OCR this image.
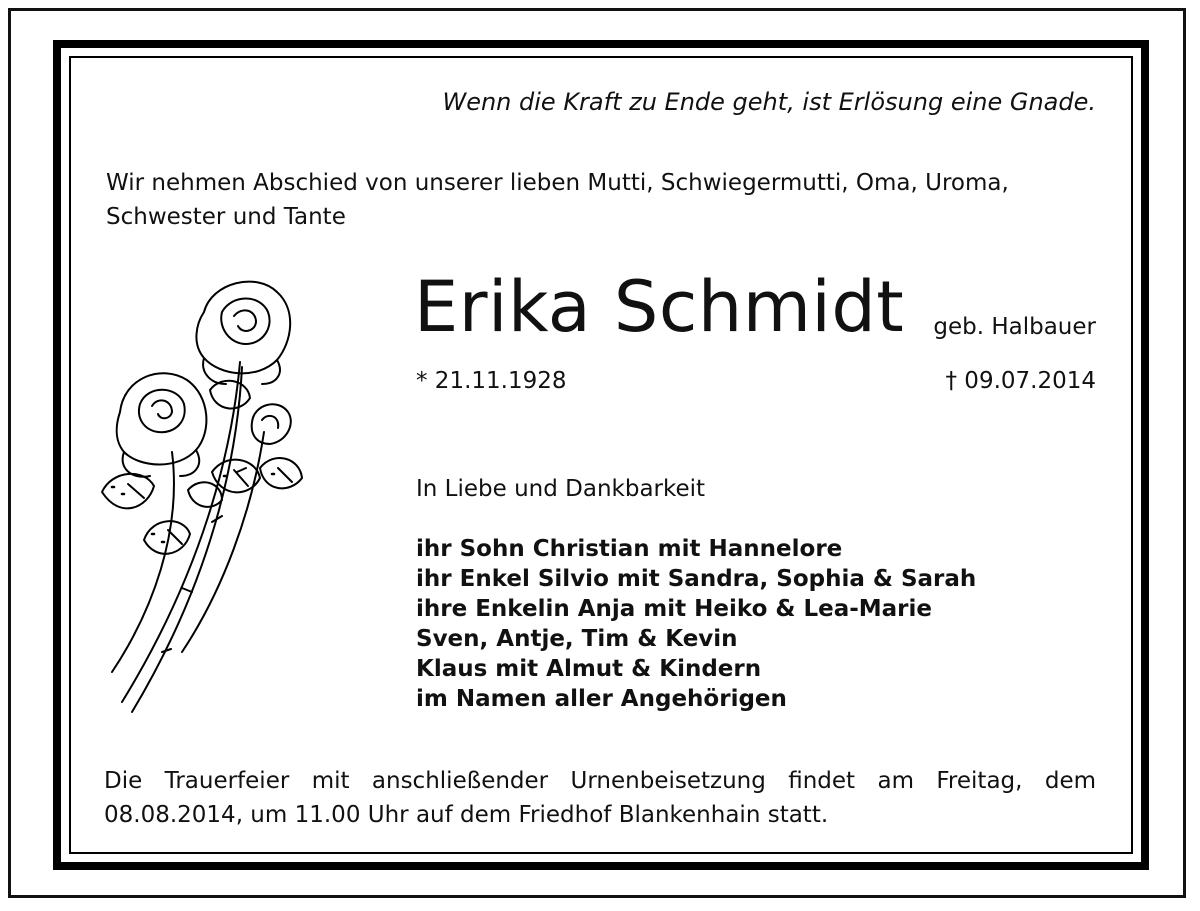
Wenn die Kraft zu Ende geht, ist Erlösung eine Gnade.
Wir nehmen Abschied von unserer lieben Mutti, Schwiegermutti, Oma, Uroma, Schwester und Tante
Erika Schmidt geb. Halbauer
* 21.11.1928	† 09.07.2014
In Liebe und Dankbarkeit
ihr Sohn Christian mit Hannelore
ihr Enkel Silvio mit Sandra, Sophia & Sarah
ihre Enkelin Anja mit Heiko & Lea-Marie
Sven, Antje, Tim & Kevin
Klaus mit Almut & Kindern
im Namen aller Angehörigen
Die Trauerfeier mit anschließender Urnenbeisetzung findet am Freitag, dem 08.08.2014, um 11.00 Uhr auf dem Friedhof Blankenhain statt.
